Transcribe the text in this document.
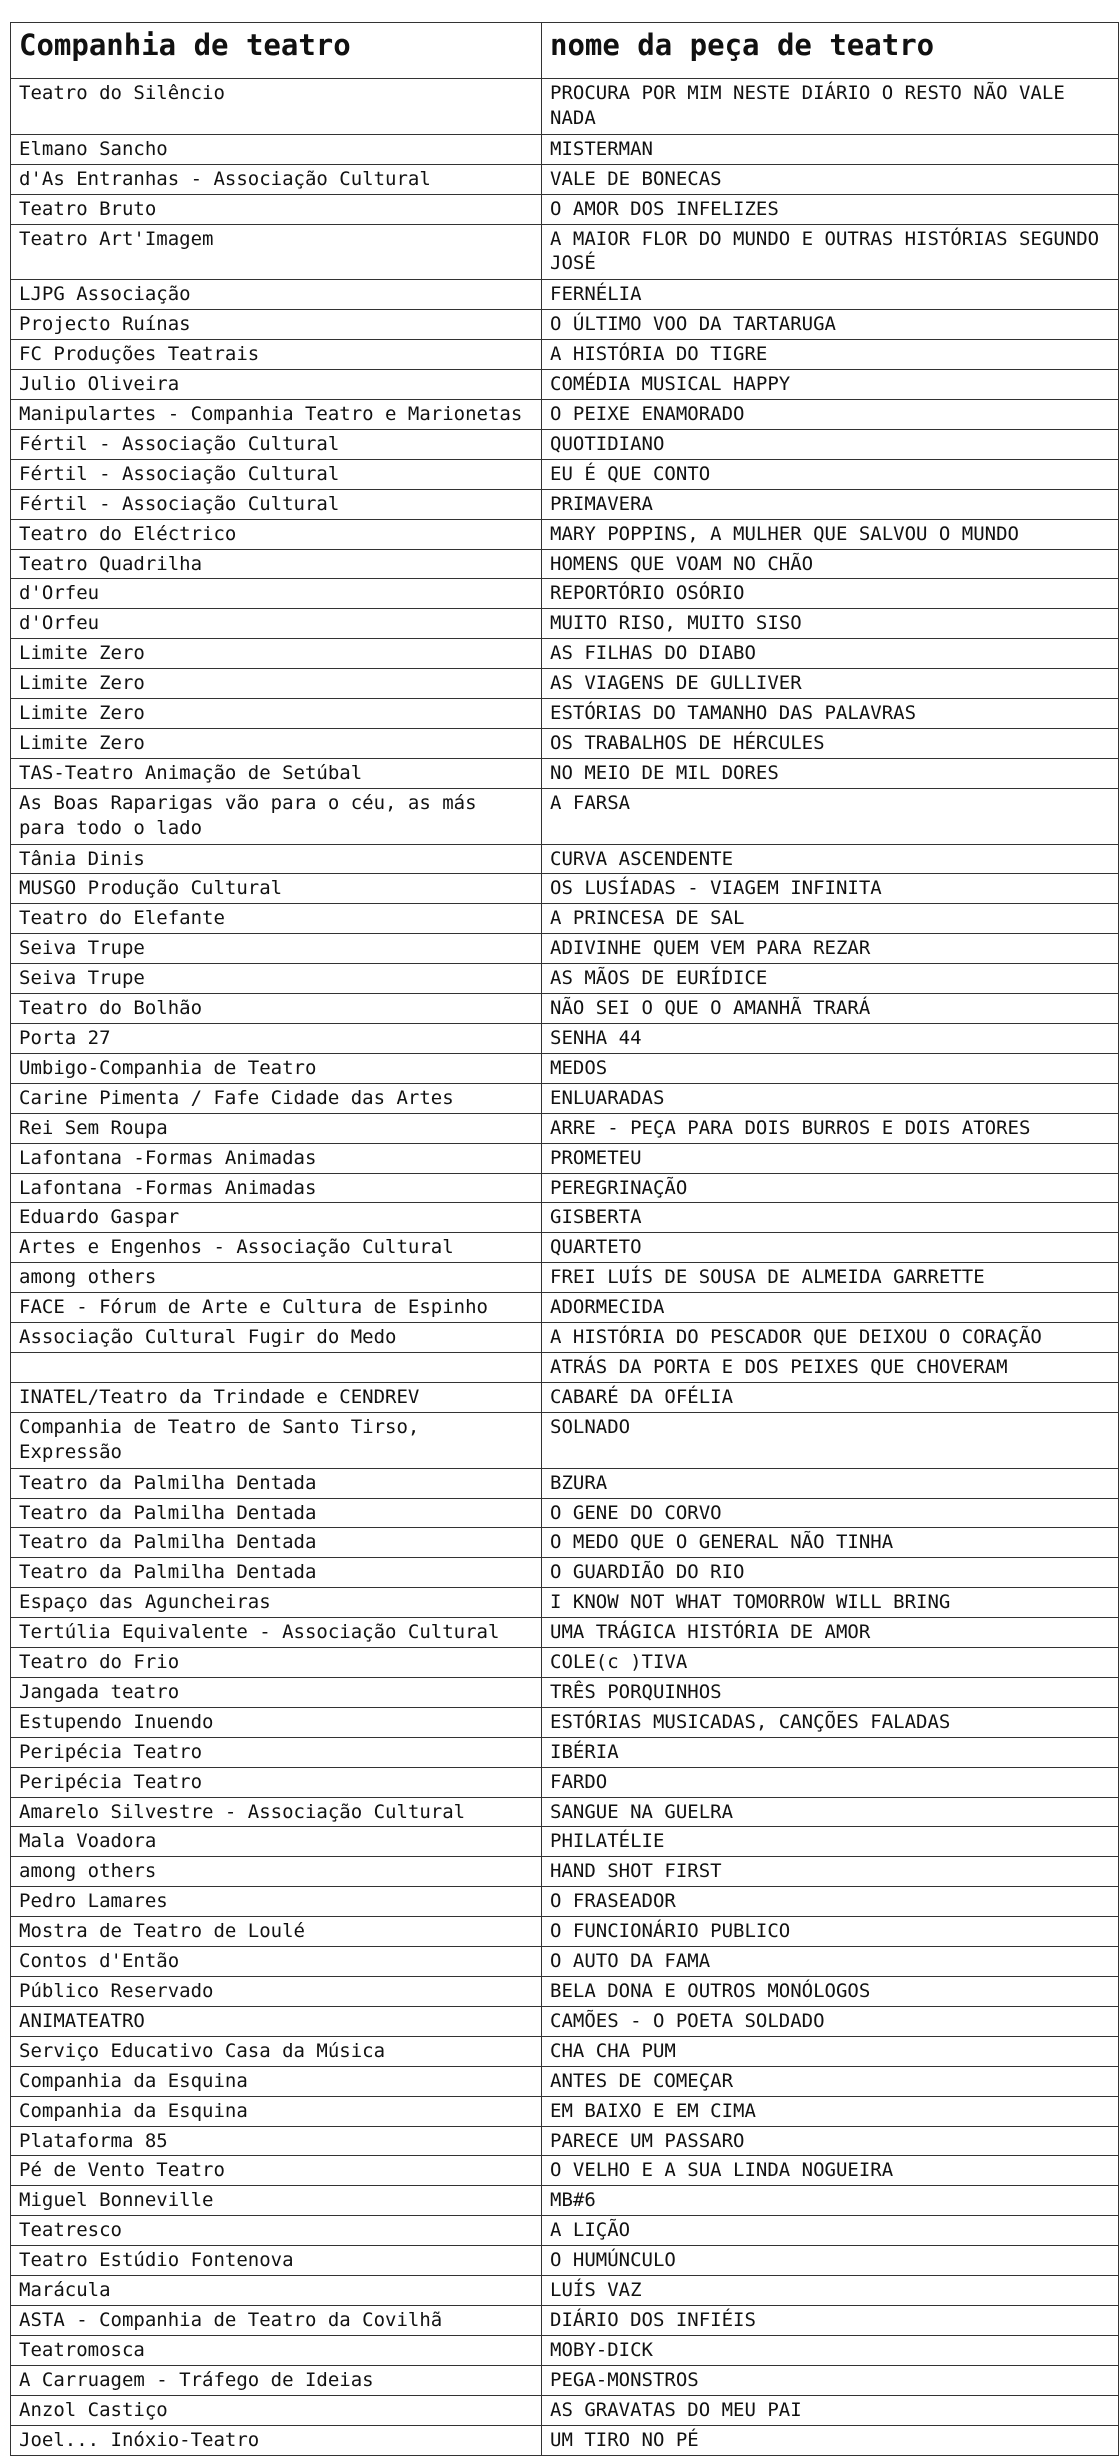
Companhia de teatro	nome da peça de teatro
Teatro do Silêncio	PROCURA POR MIM NESTE DIÁRIO O RESTO NÃO VALE NADA
Elmano Sancho	MISTERMAN
d'As Entranhas - Associação Cultural	VALE DE BONECAS
Teatro Bruto	O AMOR DOS INFELIZES
Teatro Art'Imagem	A MAIOR FLOR DO MUNDO E OUTRAS HISTÓRIAS SEGUNDO JOSÉ
LJPG Associação	FERNÉLIA
Projecto Ruínas	O ÚLTIMO VOO DA TARTARUGA
FC Produções Teatrais	A HISTÓRIA DO TIGRE
Julio Oliveira	COMÉDIA MUSICAL HAPPY
Manipulartes - Companhia Teatro e Marionetas	O PEIXE ENAMORADO
Fértil - Associação Cultural	QUOTIDIANO
Fértil - Associação Cultural	EU É QUE CONTO
Fértil - Associação Cultural	PRIMAVERA
Teatro do Eléctrico	MARY POPPINS, A MULHER QUE SALVOU O MUNDO
Teatro Quadrilha	HOMENS QUE VOAM NO CHÃO
d'Orfeu	REPORTÓRIO OSÓRIO
d'Orfeu	MUITO RISO, MUITO SISO
Limite Zero	AS FILHAS DO DIABO
Limite Zero	AS VIAGENS DE GULLIVER
Limite Zero	ESTÓRIAS DO TAMANHO DAS PALAVRAS
Limite Zero	OS TRABALHOS DE HÉRCULES
TAS-Teatro Animação de Setúbal	NO MEIO DE MIL DORES
As Boas Raparigas vão para o céu, as más para todo o lado	A FARSA
Tânia Dinis	CURVA ASCENDENTE
MUSGO Produção Cultural	OS LUSÍADAS - VIAGEM INFINITA
Teatro do Elefante	A PRINCESA DE SAL
Seiva Trupe	ADIVINHE QUEM VEM PARA REZAR
Seiva Trupe	AS MÃOS DE EURÍDICE
Teatro do Bolhão	NÃO SEI O QUE O AMANHÃ TRARÁ
Porta 27	SENHA 44
Umbigo-Companhia de Teatro	MEDOS
Carine Pimenta / Fafe Cidade das Artes	ENLUARADAS
Rei Sem Roupa	ARRE - PEÇA PARA DOIS BURROS E DOIS ATORES
Lafontana -Formas Animadas	PROMETEU
Lafontana -Formas Animadas	PEREGRINAÇÃO
Eduardo Gaspar	GISBERTA
Artes e Engenhos - Associação Cultural	QUARTETO
among others	FREI LUÍS DE SOUSA DE ALMEIDA GARRETTE
FACE - Fórum de Arte e Cultura de Espinho	ADORMECIDA
Associação Cultural Fugir do Medo	A HISTÓRIA DO PESCADOR QUE DEIXOU O CORAÇÃO
	ATRÁS DA PORTA E DOS PEIXES QUE CHOVERAM
INATEL/Teatro da Trindade e CENDREV	CABARÉ DA OFÉLIA
Companhia de Teatro de Santo Tirso, Expressão	SOLNADO
Teatro da Palmilha Dentada	BZURA
Teatro da Palmilha Dentada	O GENE DO CORVO
Teatro da Palmilha Dentada	O MEDO QUE O GENERAL NÃO TINHA
Teatro da Palmilha Dentada	O GUARDIÃO DO RIO
Espaço das Aguncheiras	I KNOW NOT WHAT TOMORROW WILL BRING
Tertúlia Equivalente - Associação Cultural	UMA TRÁGICA HISTÓRIA DE AMOR
Teatro do Frio	COLE(c )TIVA
Jangada teatro	TRÊS PORQUINHOS
Estupendo Inuendo	ESTÓRIAS MUSICADAS, CANÇÕES FALADAS
Peripécia Teatro	IBÉRIA
Peripécia Teatro	FARDO
Amarelo Silvestre - Associação Cultural	SANGUE NA GUELRA
Mala Voadora	PHILATÉLIE
among others	HAND SHOT FIRST
Pedro Lamares	O FRASEADOR
Mostra de Teatro de Loulé	O FUNCIONÁRIO PUBLICO
Contos d'Então	O AUTO DA FAMA
Público Reservado	BELA DONA E OUTROS MONÓLOGOS
ANIMATEATRO	CAMÕES - O POETA SOLDADO
Serviço Educativo Casa da Música	CHA CHA PUM
Companhia da Esquina	ANTES DE COMEÇAR
Companhia da Esquina	EM BAIXO E EM CIMA
Plataforma 85	PARECE UM PASSARO
Pé de Vento Teatro	O VELHO E A SUA LINDA NOGUEIRA
Miguel Bonneville	MB#6
Teatresco	A LIÇÃO
Teatro Estúdio Fontenova	O HUMÚNCULO
Marácula	LUÍS VAZ
ASTA - Companhia de Teatro da Covilhã	DIÁRIO DOS INFIÉIS
Teatromosca	MOBY-DICK
A Carruagem - Tráfego de Ideias	PEGA-MONSTROS
Anzol Castiço	AS GRAVATAS DO MEU PAI
Joel... Inóxio-Teatro	UM TIRO NO PÉ
